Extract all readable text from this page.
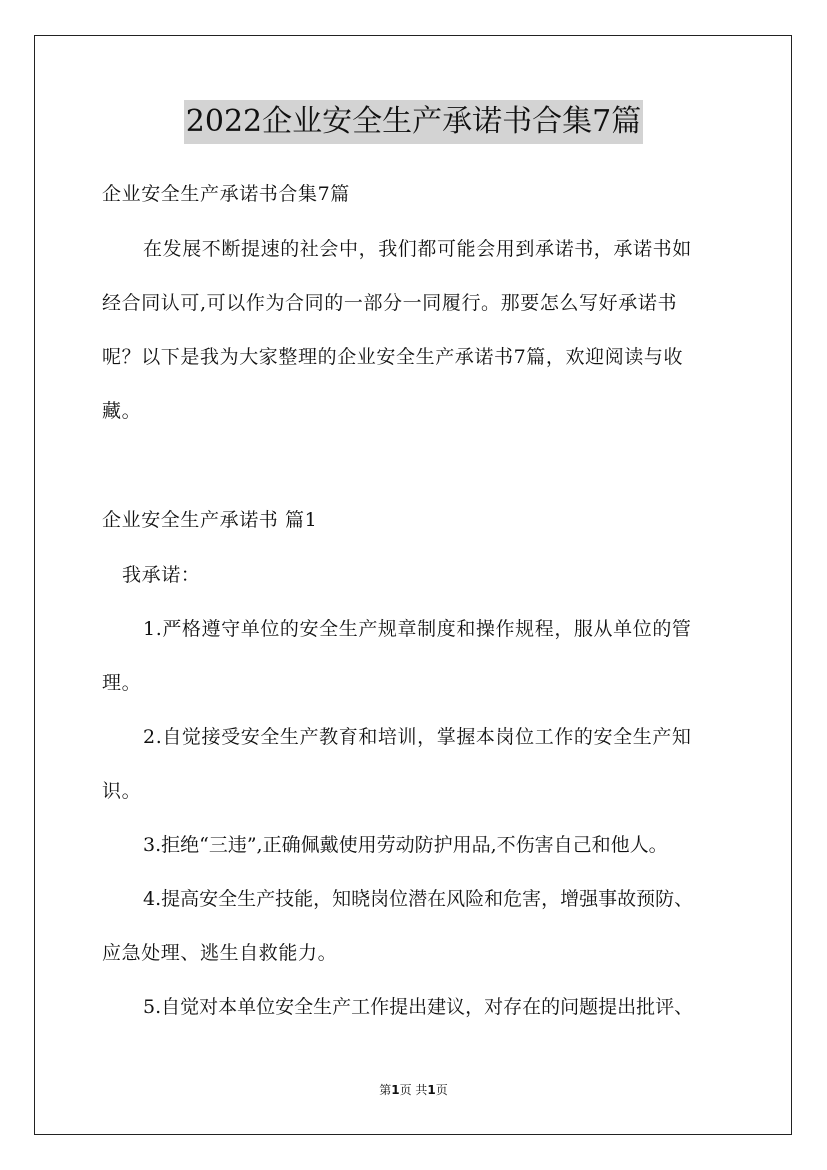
2022企业安全生产承诺书合集7篇
企业安全生产承诺书合集7篇
在发展不断提速的社会中，我们都可能会用到承诺书，承诺书如
经合同认可,可以作为合同的一部分一同履行。那要怎么写好承诺书
呢？以下是我为大家整理的企业安全生产承诺书7篇，欢迎阅读与收
藏。
企业安全生产承诺书 篇1
我承诺：
1.严格遵守单位的安全生产规章制度和操作规程，服从单位的管
理。
2.自觉接受安全生产教育和培训，掌握本岗位工作的安全生产知
识。
3.拒绝“三违”,正确佩戴使用劳动防护用品,不伤害自己和他人。
4.提高安全生产技能，知晓岗位潜在风险和危害，增强事故预防、
应急处理、逃生自救能力。
5.自觉对本单位安全生产工作提出建议，对存在的问题提出批评、
第1页 共1页
